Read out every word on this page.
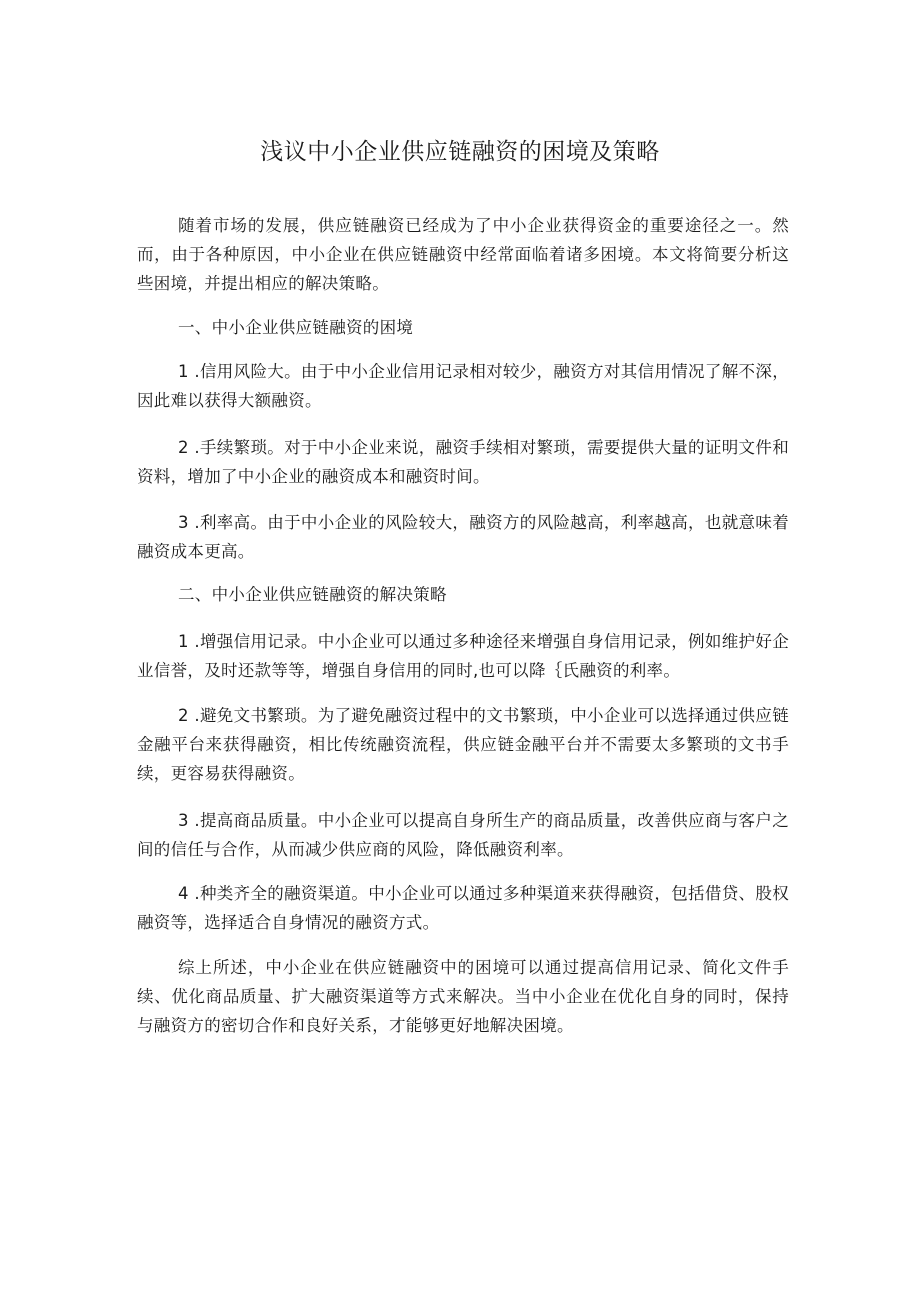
浅议中小企业供应链融资的困境及策略

随着市场的发展，供应链融资已经成为了中小企业获得资金的重要途径之一。然而，由于各种原因，中小企业在供应链融资中经常面临着诸多困境。本文将简要分析这些困境，并提出相应的解决策略。

一、中小企业供应链融资的困境

1 .信用风险大。由于中小企业信用记录相对较少，融资方对其信用情况了解不深，因此难以获得大额融资。

2 .手续繁琐。对于中小企业来说，融资手续相对繁琐，需要提供大量的证明文件和资料，增加了中小企业的融资成本和融资时间。

3 .利率高。由于中小企业的风险较大，融资方的风险越高，利率越高，也就意味着融资成本更高。

二、中小企业供应链融资的解决策略

1 .增强信用记录。中小企业可以通过多种途径来增强自身信用记录，例如维护好企业信誉，及时还款等等，增强自身信用的同时,也可以降｛氏融资的利率。

2 .避免文书繁琐。为了避免融资过程中的文书繁琐，中小企业可以选择通过供应链金融平台来获得融资，相比传统融资流程，供应链金融平台并不需要太多繁琐的文书手续，更容易获得融资。

3 .提高商品质量。中小企业可以提高自身所生产的商品质量，改善供应商与客户之间的信任与合作，从而减少供应商的风险，降低融资利率。

4 .种类齐全的融资渠道。中小企业可以通过多种渠道来获得融资，包括借贷、股权融资等，选择适合自身情况的融资方式。

综上所述，中小企业在供应链融资中的困境可以通过提高信用记录、简化文件手续、优化商品质量、扩大融资渠道等方式来解决。当中小企业在优化自身的同时，保持与融资方的密切合作和良好关系，才能够更好地解决困境。
